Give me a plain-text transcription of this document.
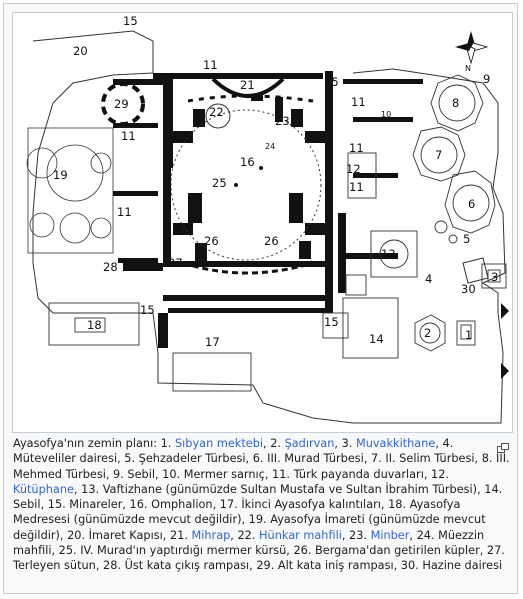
N
1
2
3
4
5
6
7
8
9
10
11
11
11
11
11
11
12
13
14
15
15
15
15
16
17
18
19
20
21
22
23
24
25
26	26
27
28
29
30
Ayasofya'nın zemin planı: 1. Sıbyan mektebi, 2. Şadırvan, 3. Muvakkithane, 4. Müteveliler dairesi, 5. Şehzadeler Türbesi, 6. III. Murad Türbesi, 7. II. Selim Türbesi, 8. III. Mehmed Türbesi, 9. Sebil, 10. Mermer sarnıç, 11. Türk payanda duvarları, 12. Kütüphane, 13. Vaftizhane (günümüzde Sultan Mustafa ve Sultan İbrahim Türbesi), 14. Sebil, 15. Minareler, 16. Omphalion, 17. İkinci Ayasofya kalıntıları, 18. Ayasofya Medresesi (günümüzde mevcut değildir), 19. Ayasofya İmareti (günümüzde mevcut değildir), 20. İmaret Kapısı, 21. Mihrap, 22. Hünkar mahfili, 23. Minber, 24. Müezzin mahfili, 25. IV. Murad'ın yaptırdığı mermer kürsü, 26. Bergama'dan getirilen küpler, 27. Terleyen sütun, 28. Üst kata çıkış rampası, 29. Alt kata iniş rampası, 30. Hazine dairesi
